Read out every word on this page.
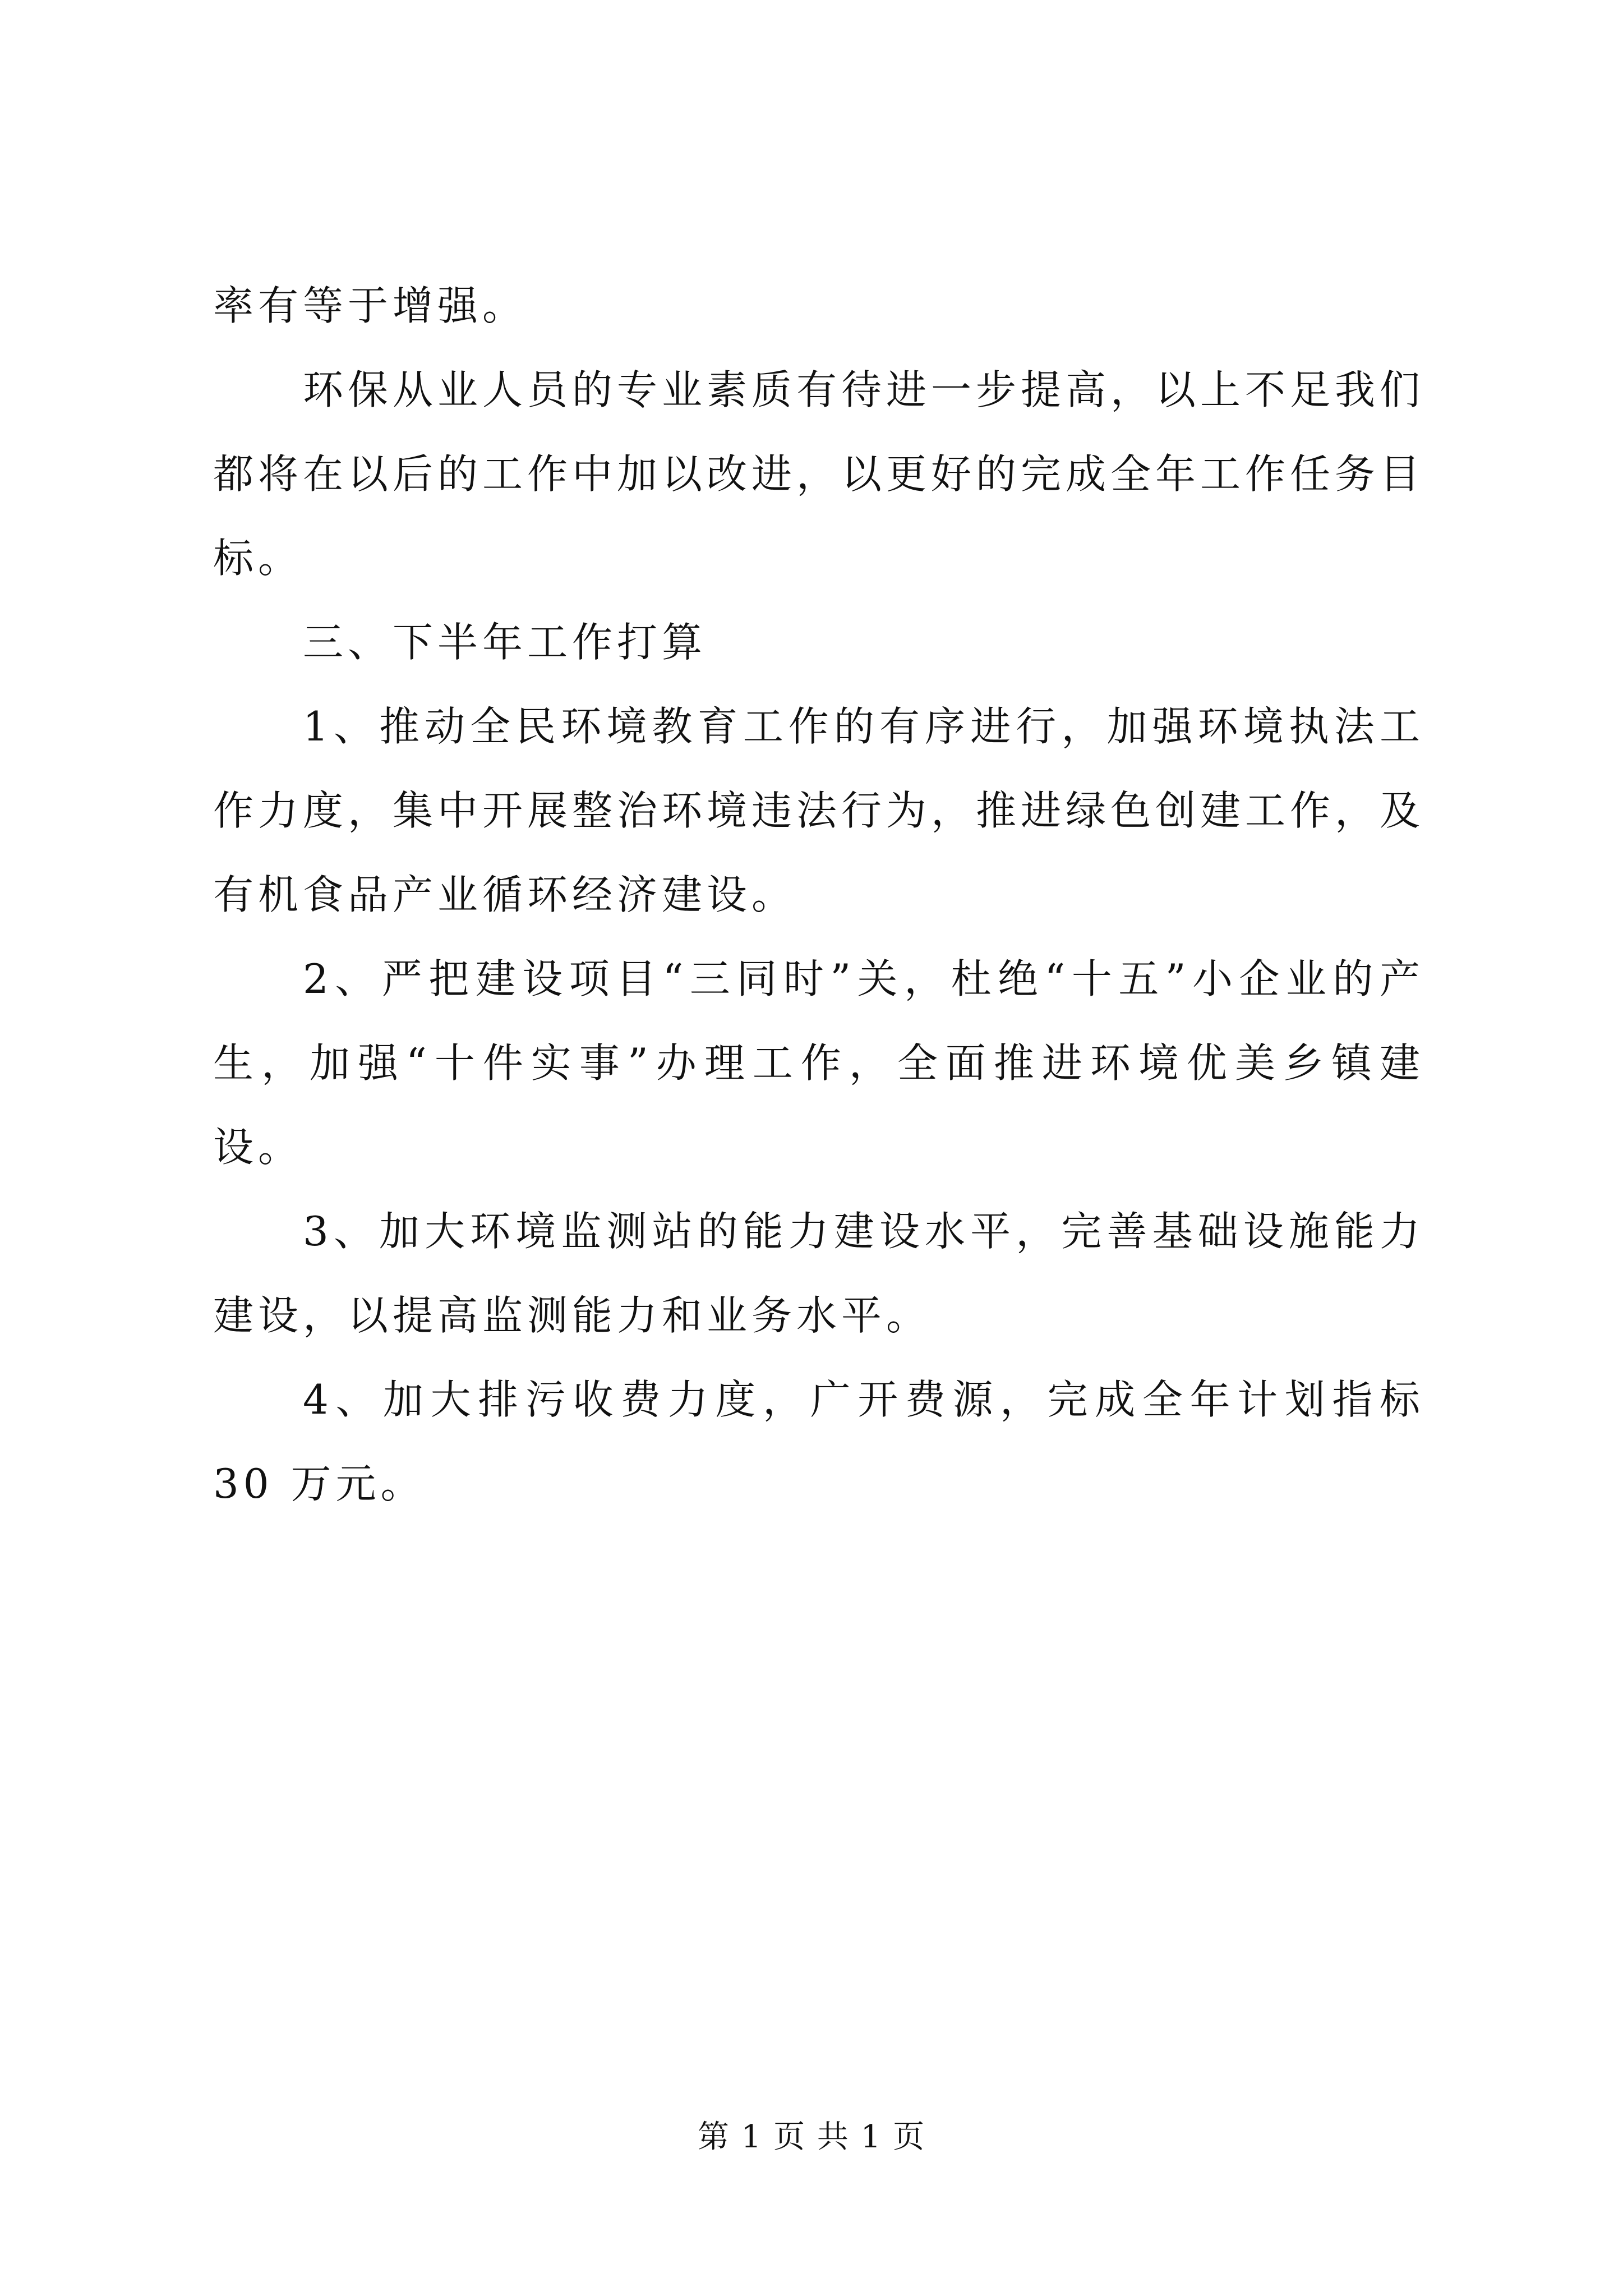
率有等于增强。

环保从业人员的专业素质有待进一步提高，以上不足我们都将在以后的工作中加以改进，以更好的完成全年工作任务目标。

三、下半年工作打算

1、推动全民环境教育工作的有序进行，加强环境执法工作力度，集中开展整治环境违法行为，推进绿色创建工作，及有机食品产业循环经济建设。

2、严把建设项目“三同时”关，杜绝“十五”小企业的产生，加强“十件实事”办理工作，全面推进环境优美乡镇建设。

3、加大环境监测站的能力建设水平，完善基础设施能力建设，以提高监测能力和业务水平。

4、加大排污收费力度，广开费源，完成全年计划指标 30 万元。

第 1 页 共 1 页
